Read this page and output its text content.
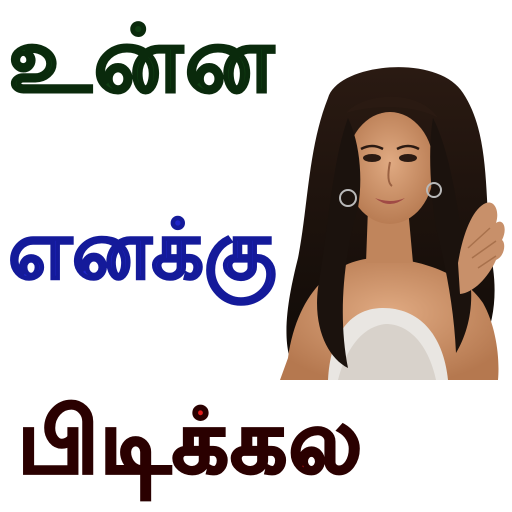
உன்ன
எனக்கு
பிடிக்கல
